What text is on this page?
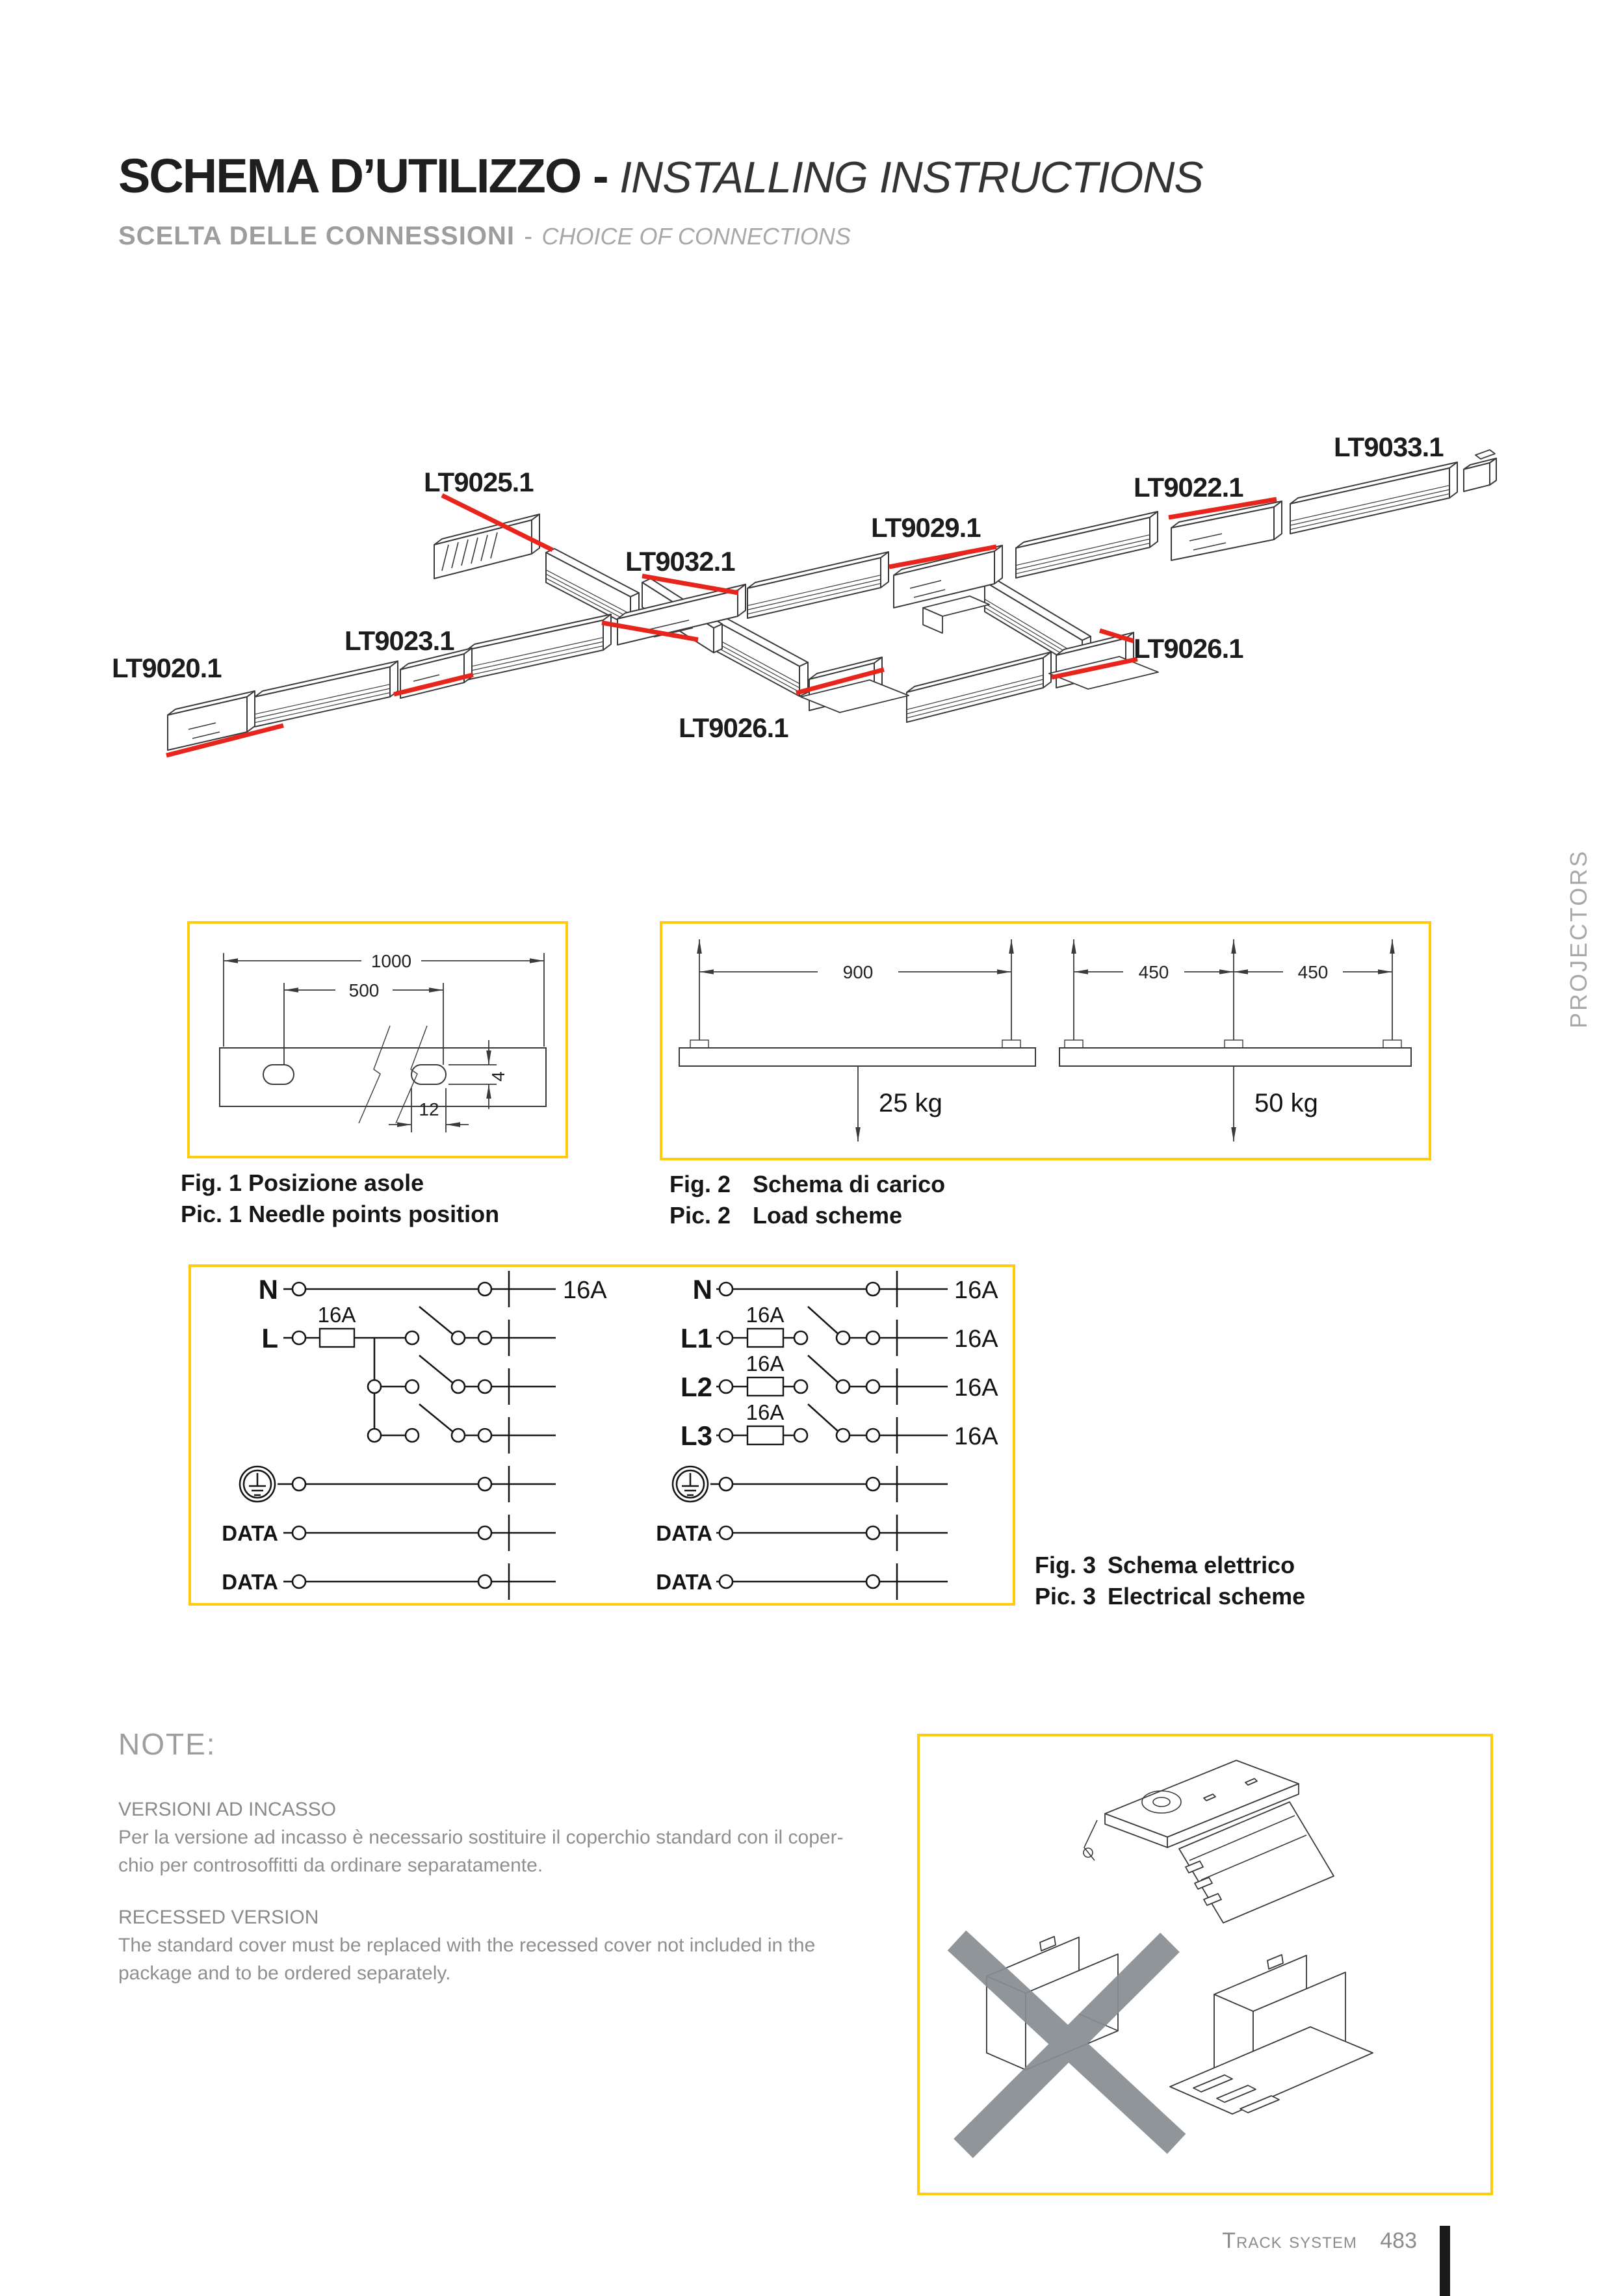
SCHEMA D’UTILIZZO - INSTALLING INSTRUCTIONS
SCELTA DELLE CONNESSIONI - CHOICE OF CONNECTIONS
LT9020.1
LT9023.1
LT9025.1
LT9032.1
LT9029.1
LT9022.1
LT9033.1
LT9026.1
LT9026.1
1000
500
4
12
Fig. 1 Posizione asole
Pic. 1 Needle points position
900
25 kg
450	450
50 kg
Fig. 2 Schema di carico
Pic. 2 Load scheme
N	16A
L
16A
DATA
DATA
N	16A
L1
16A
16A
L2
16A
16A
L3
16A
16A
DATA
DATA
Fig. 3 Schema elettrico
Pic. 3 Electrical scheme
NOTE:
VERSIONI AD INCASSO
Per la versione ad incasso è necessario sostituire il coperchio standard con il coper-
chio per controsoffitti da ordinare separatamente.
RECESSED VERSION
The standard cover must be replaced with the recessed cover not included in the
package and to be ordered separately.
PROJECTORS
Track system 483
